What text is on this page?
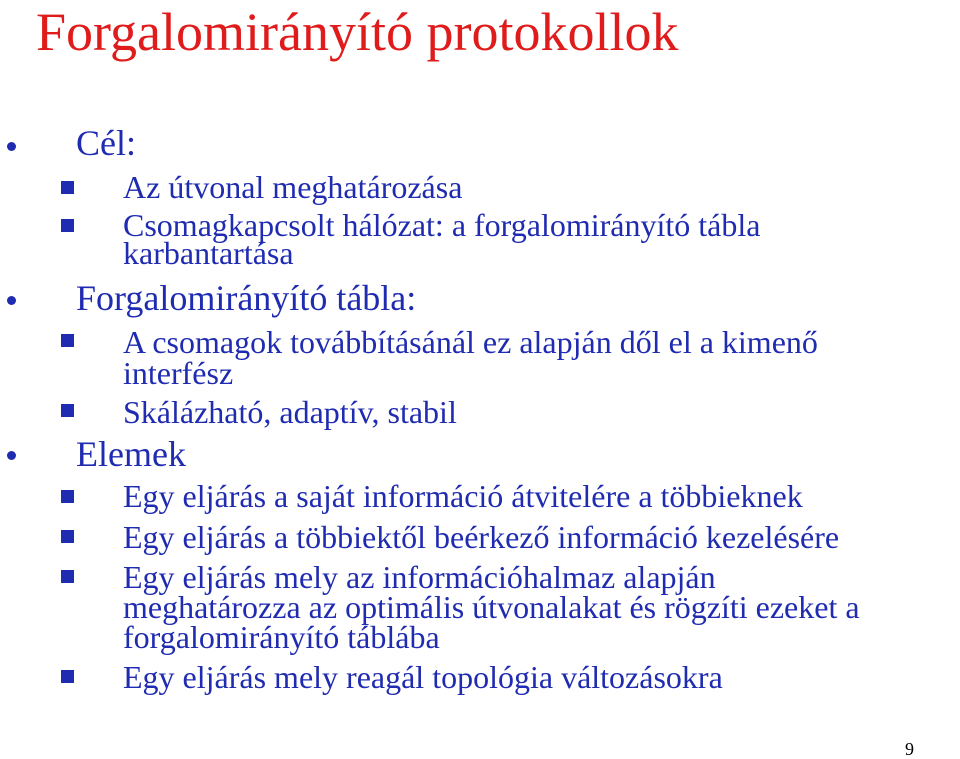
Forgalomirányító protokollok
Cél:
Az útvonal meghatározása
Csomagkapcsolt hálózat: a forgalomirányító tábla
karbantartása
Forgalomirányító tábla:
A csomagok továbbításánál ez alapján dől el a kimenő
interfész
Skálázható, adaptív, stabil
Elemek
Egy eljárás a saját információ átvitelére a többieknek
Egy eljárás a többiektől beérkező információ kezelésére
Egy eljárás mely az információhalmaz alapján
meghatározza az optimális útvonalakat és rögzíti ezeket a
forgalomirányító táblába
Egy eljárás mely reagál topológia változásokra
9
